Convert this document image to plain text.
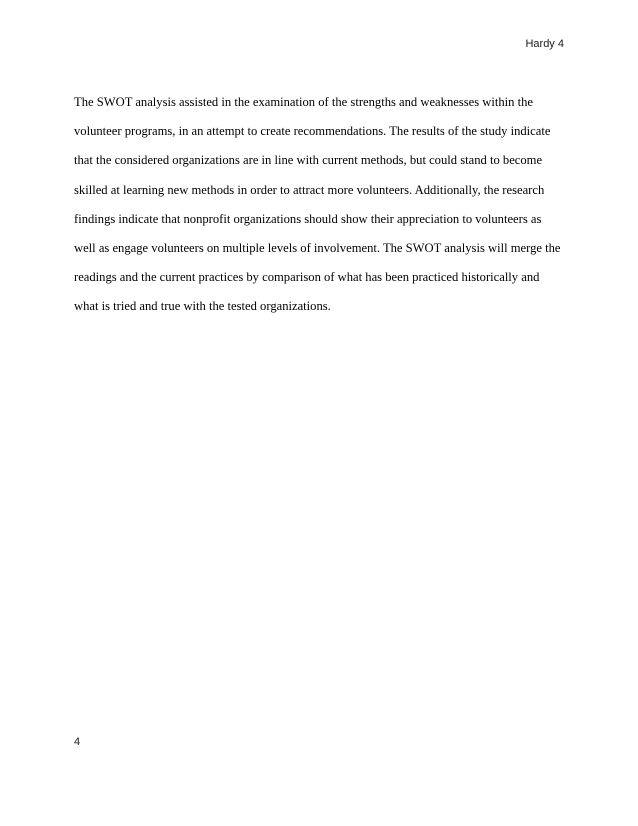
Hardy 4
The SWOT analysis assisted in the examination of the strengths and weaknesses within the
volunteer programs, in an attempt to create recommendations. The results of the study indicate
that the considered organizations are in line with current methods, but could stand to become
skilled at learning new methods in order to attract more volunteers. Additionally, the research
findings indicate that nonprofit organizations should show their appreciation to volunteers as
well as engage volunteers on multiple levels of involvement. The SWOT analysis will merge the
readings and the current practices by comparison of what has been practiced historically and
what is tried and true with the tested organizations.
4
